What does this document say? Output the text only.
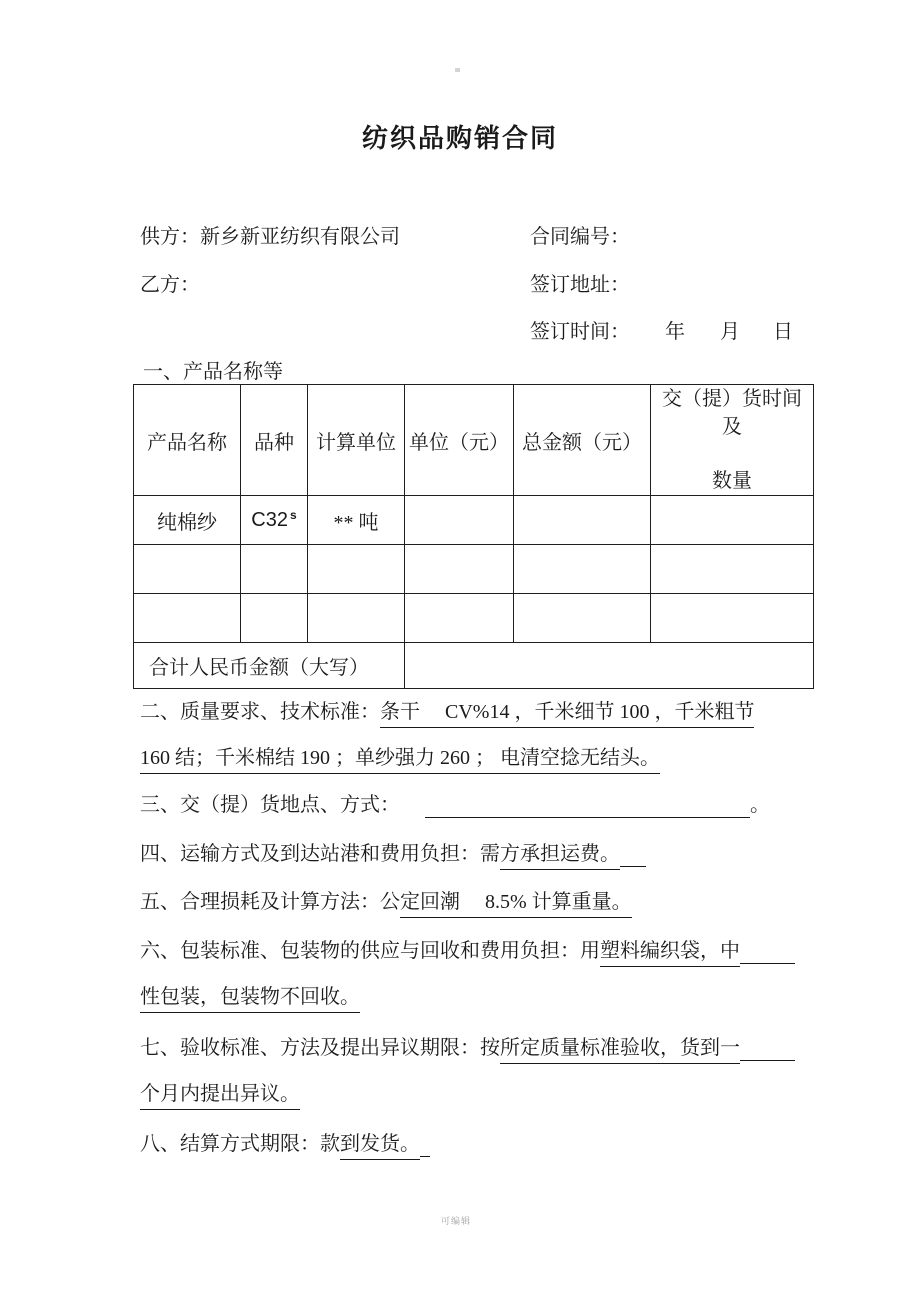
纺织品购销合同
供方：新乡新亚纺织有限公司	合同编号：
乙方：	签订地址：
签订时间： 年 月 日
一、产品名称等
产品名称	品种	计算单位	单位（元）	总金额（元）	交（提）货时间及
数量

纯棉纱	C32 $^s$	** 吨			

合计人民币金额（大写）					
二、质量要求、技术标准：条干　 CV%14 ，千米细节 100 ，千米粗节
160 结；千米棉结 190 ；单纱强力 260 ； 电清空捻无结头。
三、交（提）货地点、方式：	。
四、运输方式及到达站港和费用负担：需方承担运费。
五、合理损耗及计算方法：公定回潮　 8.5% 计算重量。
六、包装标准、包装物的供应与回收和费用负担：用塑料编织袋，中
性包装，包装物不回收。
七、验收标准、方法及提出异议期限：按所定质量标准验收，货到一
个月内提出异议。
八、结算方式期限：款到发货。
可编辑
